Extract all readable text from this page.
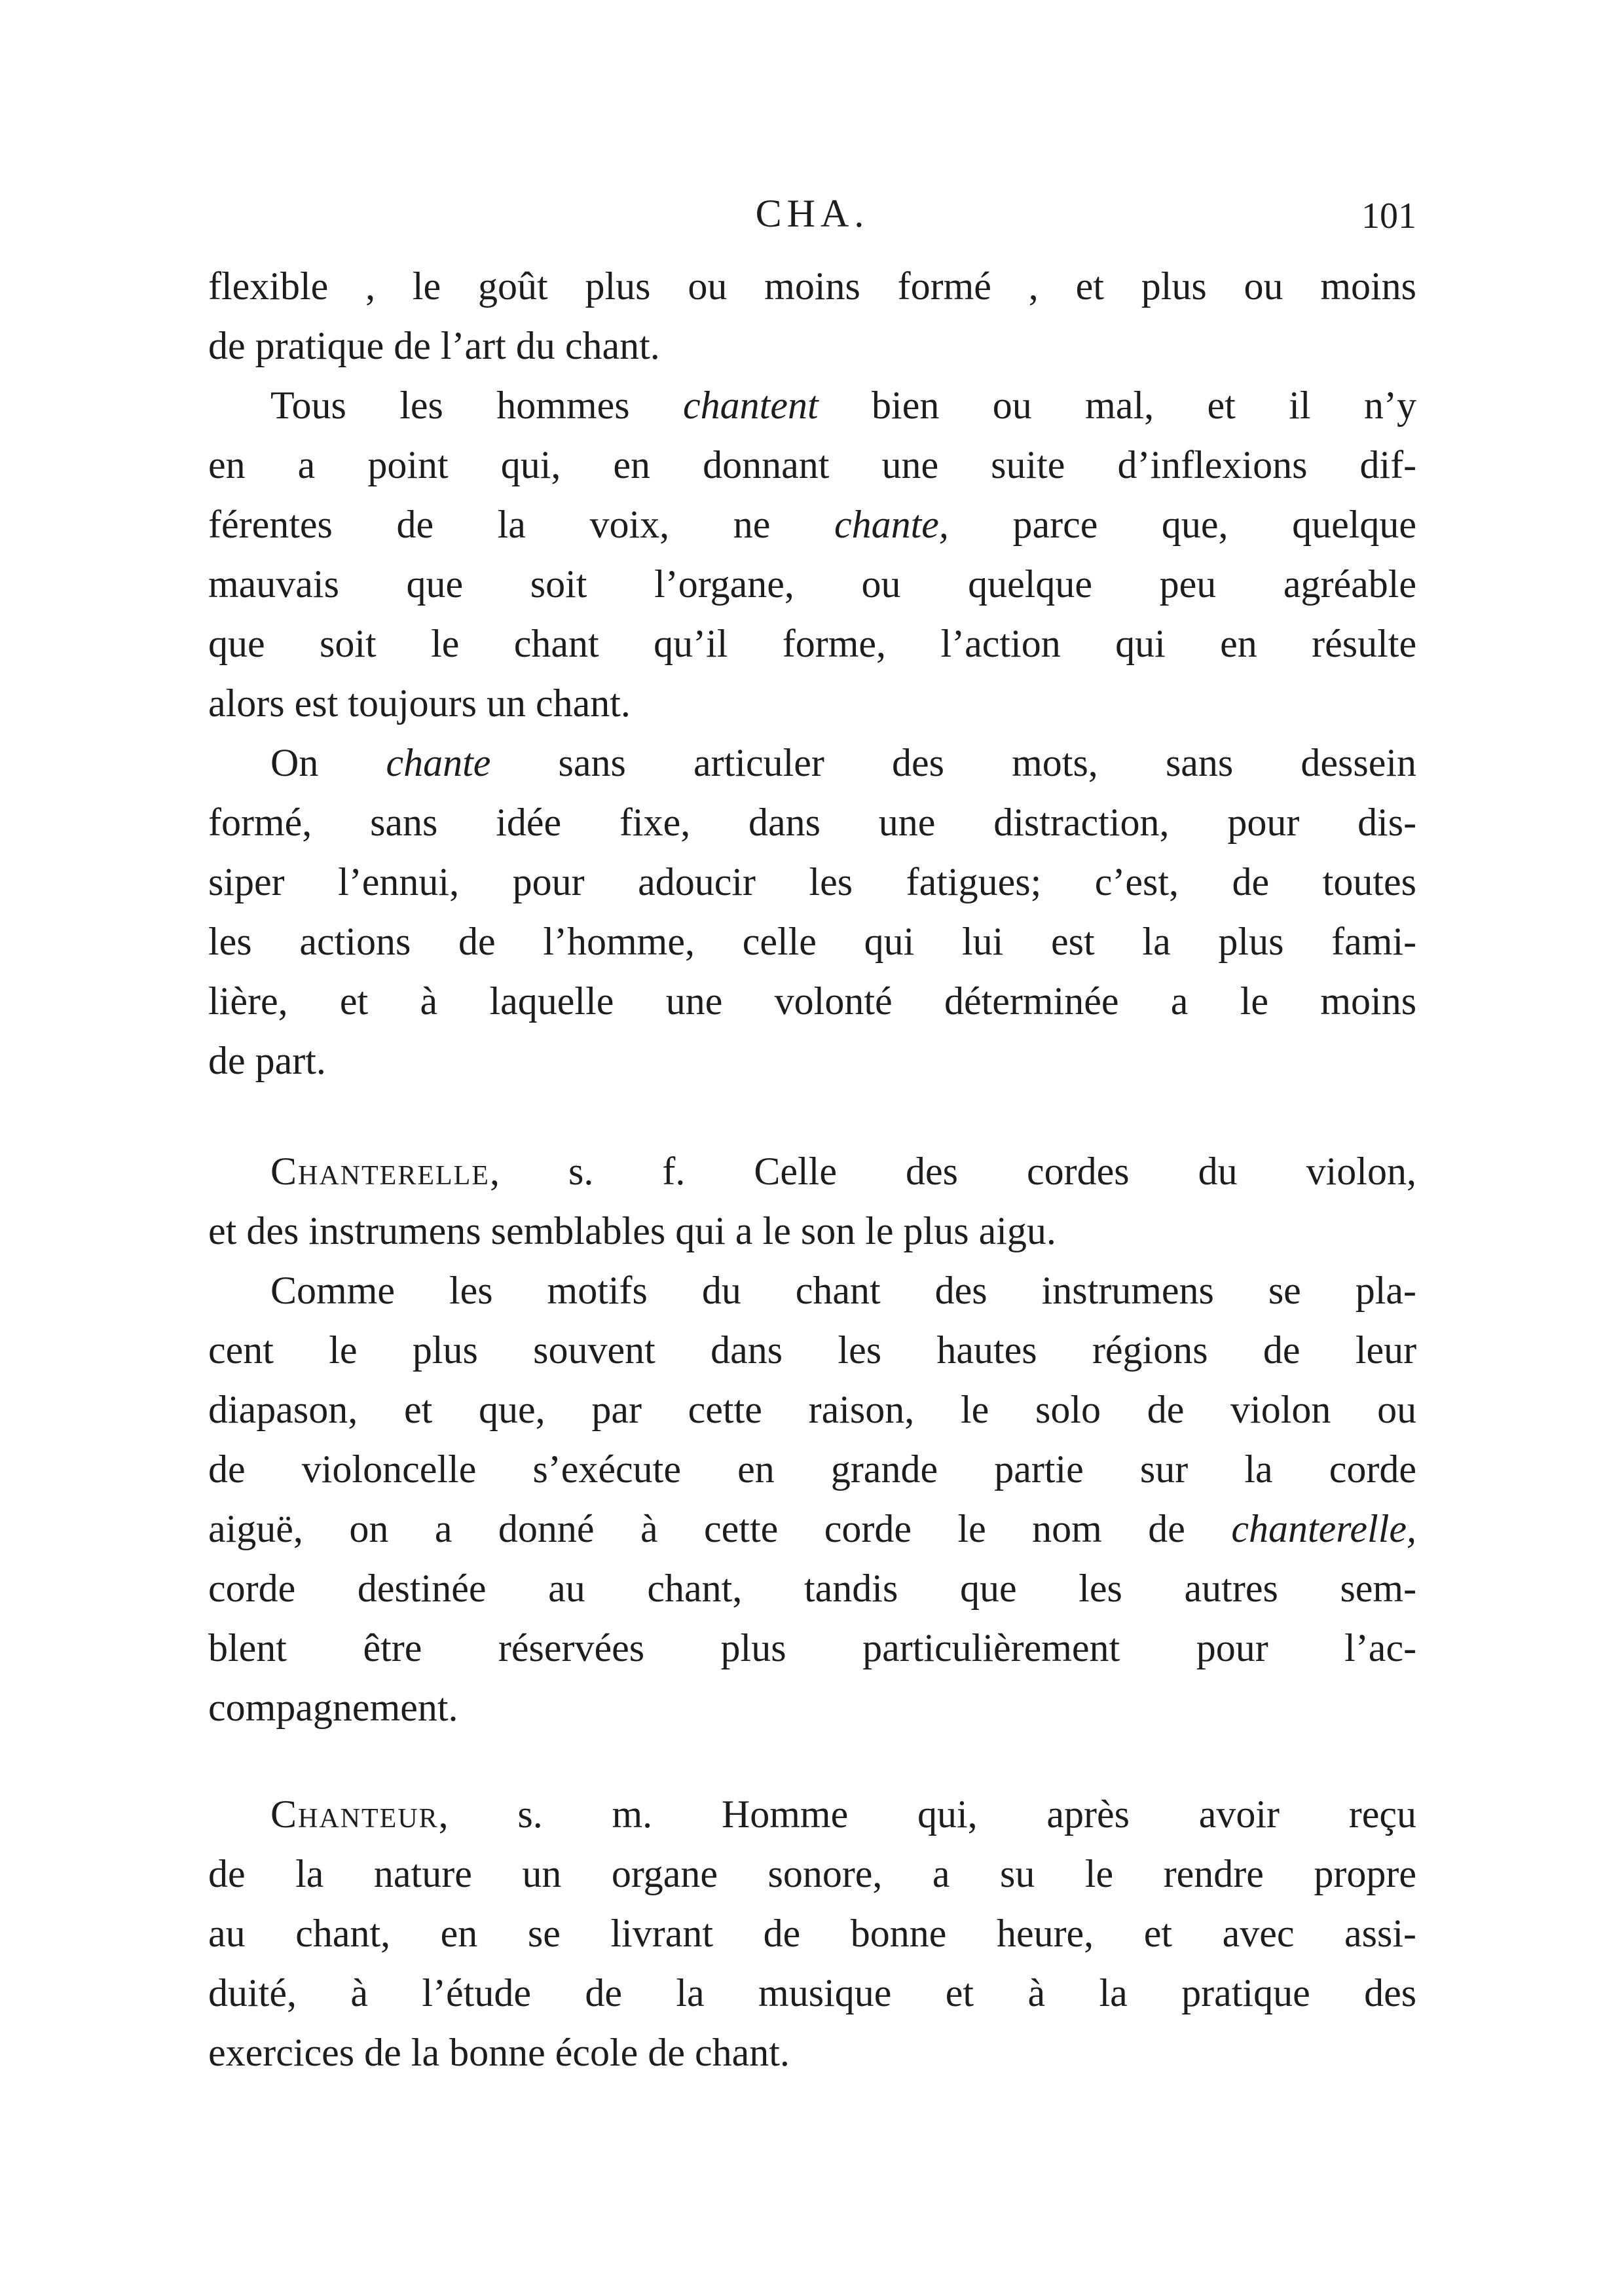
CHA.	101

flexible , le goût plus ou moins formé , et plus ou moins
de pratique de l’art du chant.

Tous les hommes chantent bien ou mal, et il n’y
en a point qui, en donnant une suite d’inflexions dif-
férentes de la voix, ne chante, parce que, quelque
mauvais que soit l’organe, ou quelque peu agréable
que soit le chant qu’il forme, l’action qui en résulte
alors est toujours un chant.

On chante sans articuler des mots, sans dessein
formé, sans idée fixe, dans une distraction, pour dis-
siper l’ennui, pour adoucir les fatigues; c’est, de toutes
les actions de l’homme, celle qui lui est la plus fami-
lière, et à laquelle une volonté déterminée a le moins
de part.

Chanterelle, s. f. Celle des cordes du violon,
et des instrumens semblables qui a le son le plus aigu.

Comme les motifs du chant des instrumens se pla-
cent le plus souvent dans les hautes régions de leur
diapason, et que, par cette raison, le solo de violon ou
de violoncelle s’exécute en grande partie sur la corde
aiguë, on a donné à cette corde le nom de chanterelle,
corde destinée au chant, tandis que les autres sem-
blent être réservées plus particulièrement pour l’ac-
compagnement.

Chanteur, s. m. Homme qui, après avoir reçu
de la nature un organe sonore, a su le rendre propre
au chant, en se livrant de bonne heure, et avec assi-
duité, à l’étude de la musique et à la pratique des
exercices de la bonne école de chant.
